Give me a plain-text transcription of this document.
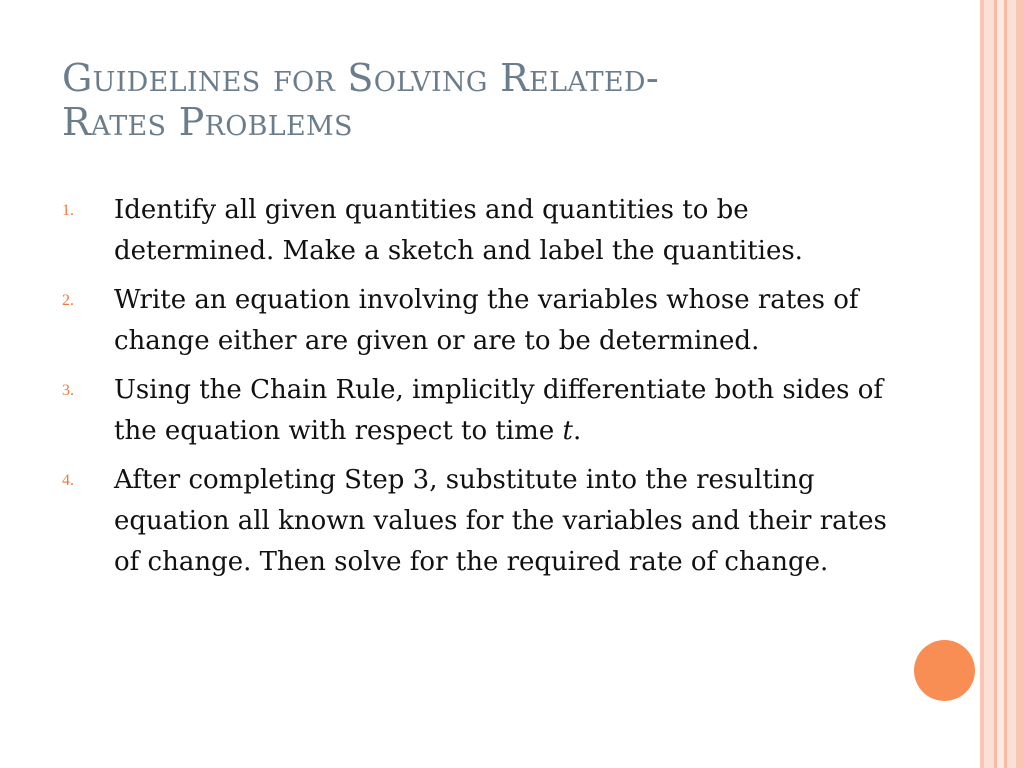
Guidelines for Solving Related-
Rates Problems
1. Identify all given quantities and quantities to be determined. Make a sketch and label the quantities.
2. Write an equation involving the variables whose rates of change either are given or are to be determined.
3. Using the Chain Rule, implicitly differentiate both sides of the equation with respect to time t.
4. After completing Step 3, substitute into the resulting equation all known values for the variables and their rates of change. Then solve for the required rate of change.
